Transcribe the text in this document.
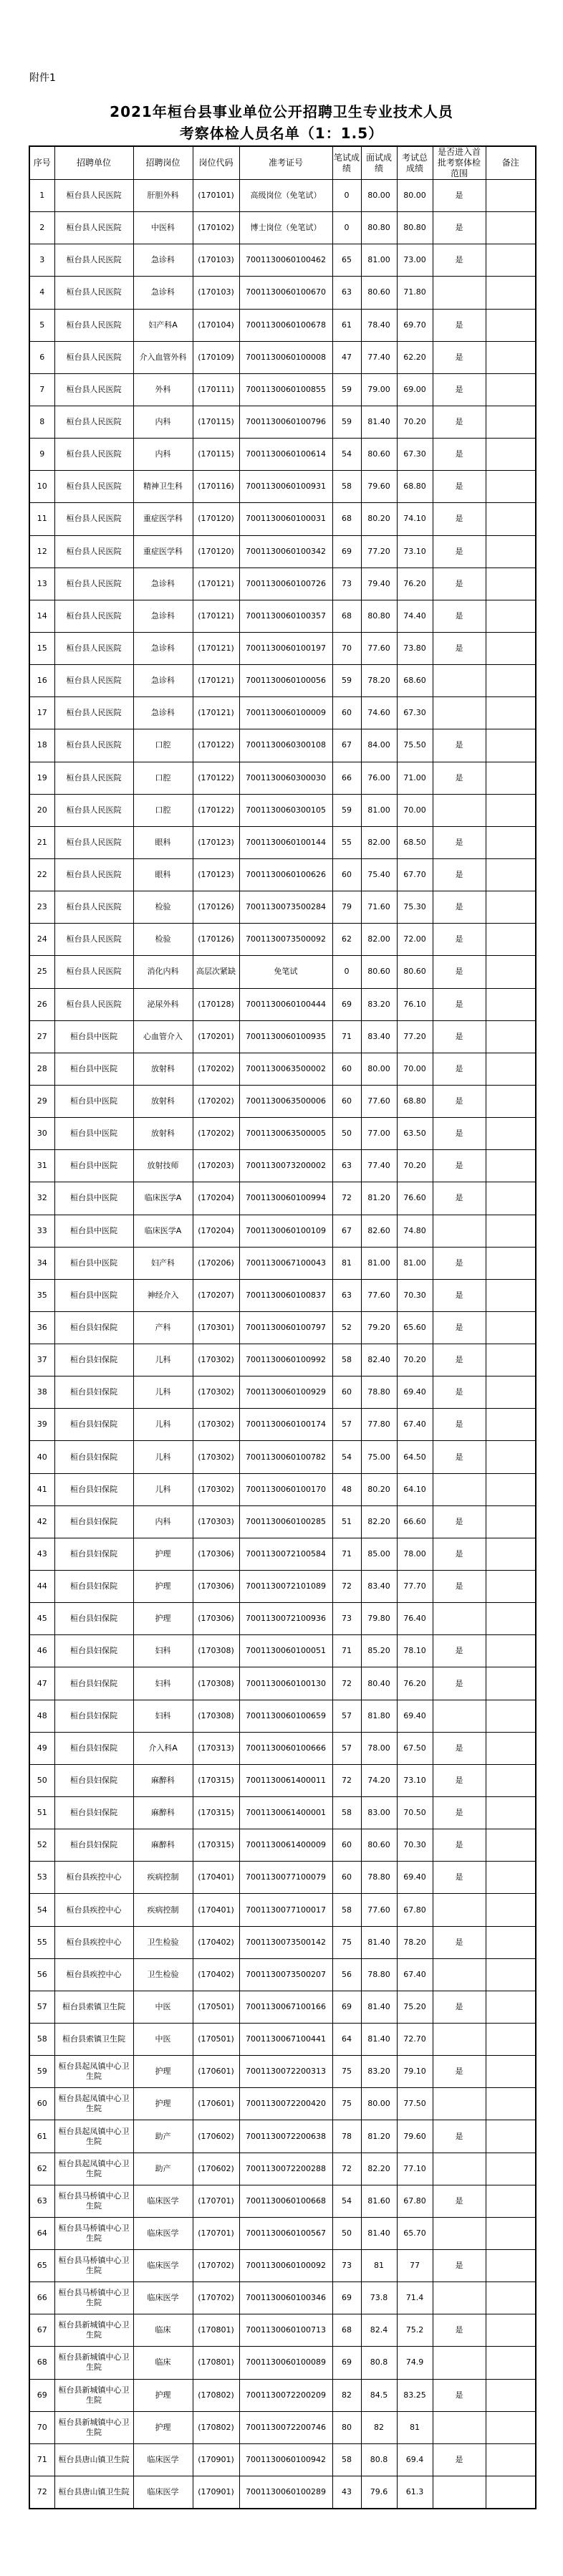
附件1
2021年桓台县事业单位公开招聘卫生专业技术人员
考察体检人员名单（1：1.5）
序号	招聘单位	招聘岗位	岗位代码	准考证号	笔试成绩	面试成绩	考试总成绩	是否进入首批考察体检范围	备注
1	桓台县人民医院	肝胆外科	(170101)	高级岗位（免笔试）	0	80.00	80.00	是	
2	桓台县人民医院	中医科	(170102)	博士岗位（免笔试）	0	80.80	80.80	是	
3	桓台县人民医院	急诊科	(170103)	7001130060100462	65	81.00	73.00	是	
4	桓台县人民医院	急诊科	(170103)	7001130060100670	63	80.60	71.80		
5	桓台县人民医院	妇产科A	(170104)	7001130060100678	61	78.40	69.70	是	
6	桓台县人民医院	介入血管外科	(170109)	7001130060100008	47	77.40	62.20	是	
7	桓台县人民医院	外科	(170111)	7001130060100855	59	79.00	69.00	是	
8	桓台县人民医院	内科	(170115)	7001130060100796	59	81.40	70.20	是	
9	桓台县人民医院	内科	(170115)	7001130060100614	54	80.60	67.30	是	
10	桓台县人民医院	精神卫生科	(170116)	7001130060100931	58	79.60	68.80	是	
11	桓台县人民医院	重症医学科	(170120)	7001130060100031	68	80.20	74.10	是	
12	桓台县人民医院	重症医学科	(170120)	7001130060100342	69	77.20	73.10	是	
13	桓台县人民医院	急诊科	(170121)	7001130060100726	73	79.40	76.20	是	
14	桓台县人民医院	急诊科	(170121)	7001130060100357	68	80.80	74.40	是	
15	桓台县人民医院	急诊科	(170121)	7001130060100197	70	77.60	73.80	是	
16	桓台县人民医院	急诊科	(170121)	7001130060100056	59	78.20	68.60		
17	桓台县人民医院	急诊科	(170121)	7001130060100009	60	74.60	67.30		
18	桓台县人民医院	口腔	(170122)	7001130060300108	67	84.00	75.50	是	
19	桓台县人民医院	口腔	(170122)	7001130060300030	66	76.00	71.00	是	
20	桓台县人民医院	口腔	(170122)	7001130060300105	59	81.00	70.00		
21	桓台县人民医院	眼科	(170123)	7001130060100144	55	82.00	68.50	是	
22	桓台县人民医院	眼科	(170123)	7001130060100626	60	75.40	67.70	是	
23	桓台县人民医院	检验	(170126)	7001130073500284	79	71.60	75.30	是	
24	桓台县人民医院	检验	(170126)	7001130073500092	62	82.00	72.00	是	
25	桓台县人民医院	消化内科	高层次紧缺	免笔试	0	80.60	80.60	是	
26	桓台县人民医院	泌尿外科	(170128)	7001130060100444	69	83.20	76.10	是	
27	桓台县中医院	心血管介入	(170201)	7001130060100935	71	83.40	77.20	是	
28	桓台县中医院	放射科	(170202)	7001130063500002	60	80.00	70.00	是	
29	桓台县中医院	放射科	(170202)	7001130063500006	60	77.60	68.80	是	
30	桓台县中医院	放射科	(170202)	7001130063500005	50	77.00	63.50	是	
31	桓台县中医院	放射技师	(170203)	7001130073200002	63	77.40	70.20	是	
32	桓台县中医院	临床医学A	(170204)	7001130060100994	72	81.20	76.60	是	
33	桓台县中医院	临床医学A	(170204)	7001130060100109	67	82.60	74.80		
34	桓台县中医院	妇产科	(170206)	7001130067100043	81	81.00	81.00	是	
35	桓台县中医院	神经介入	(170207)	7001130060100837	63	77.60	70.30	是	
36	桓台县妇保院	产科	(170301)	7001130060100797	52	79.20	65.60	是	
37	桓台县妇保院	儿科	(170302)	7001130060100992	58	82.40	70.20	是	
38	桓台县妇保院	儿科	(170302)	7001130060100929	60	78.80	69.40	是	
39	桓台县妇保院	儿科	(170302)	7001130060100174	57	77.80	67.40	是	
40	桓台县妇保院	儿科	(170302)	7001130060100782	54	75.00	64.50	是	
41	桓台县妇保院	儿科	(170302)	7001130060100170	48	80.20	64.10		
42	桓台县妇保院	内科	(170303)	7001130060100285	51	82.20	66.60	是	
43	桓台县妇保院	护理	(170306)	7001130072100584	71	85.00	78.00	是	
44	桓台县妇保院	护理	(170306)	7001130072101089	72	83.40	77.70	是	
45	桓台县妇保院	护理	(170306)	7001130072100936	73	79.80	76.40		
46	桓台县妇保院	妇科	(170308)	7001130060100051	71	85.20	78.10	是	
47	桓台县妇保院	妇科	(170308)	7001130060100130	72	80.40	76.20	是	
48	桓台县妇保院	妇科	(170308)	7001130060100659	57	81.80	69.40		
49	桓台县妇保院	介入科A	(170313)	7001130060100666	57	78.00	67.50	是	
50	桓台县妇保院	麻醉科	(170315)	7001130061400011	72	74.20	73.10	是	
51	桓台县妇保院	麻醉科	(170315)	7001130061400001	58	83.00	70.50	是	
52	桓台县妇保院	麻醉科	(170315)	7001130061400009	60	80.60	70.30	是	
53	桓台县疾控中心	疾病控制	(170401)	7001130077100079	60	78.80	69.40	是	
54	桓台县疾控中心	疾病控制	(170401)	7001130077100017	58	77.60	67.80		
55	桓台县疾控中心	卫生检验	(170402)	7001130073500142	75	81.40	78.20	是	
56	桓台县疾控中心	卫生检验	(170402)	7001130073500207	56	78.80	67.40		
57	桓台县索镇卫生院	中医	(170501)	7001130067100166	69	81.40	75.20	是	
58	桓台县索镇卫生院	中医	(170501)	7001130067100441	64	81.40	72.70		
59	桓台县起凤镇中心卫生院	护理	(170601)	7001130072200313	75	83.20	79.10	是	
60	桓台县起凤镇中心卫生院	护理	(170601)	7001130072200420	75	80.00	77.50		
61	桓台县起凤镇中心卫生院	助产	(170602)	7001130072200638	78	81.20	79.60	是	
62	桓台县起凤镇中心卫生院	助产	(170602)	7001130072200288	72	82.20	77.10		
63	桓台县马桥镇中心卫生院	临床医学	(170701)	7001130060100668	54	81.60	67.80	是	
64	桓台县马桥镇中心卫生院	临床医学	(170701)	7001130060100567	50	81.40	65.70		
65	桓台县马桥镇中心卫生院	临床医学	(170702)	7001130060100092	73	81	77	是	
66	桓台县马桥镇中心卫生院	临床医学	(170702)	7001130060100346	69	73.8	71.4		
67	桓台县新城镇中心卫生院	临床	(170801)	7001130060100713	68	82.4	75.2	是	
68	桓台县新城镇中心卫生院	临床	(170801)	7001130060100089	69	80.8	74.9		
69	桓台县新城镇中心卫生院	护理	(170802)	7001130072200209	82	84.5	83.25	是	
70	桓台县新城镇中心卫生院	护理	(170802)	7001130072200746	80	82	81		
71	桓台县唐山镇卫生院	临床医学	(170901)	7001130060100942	58	80.8	69.4	是	
72	桓台县唐山镇卫生院	临床医学	(170901)	7001130060100289	43	79.6	61.3		
